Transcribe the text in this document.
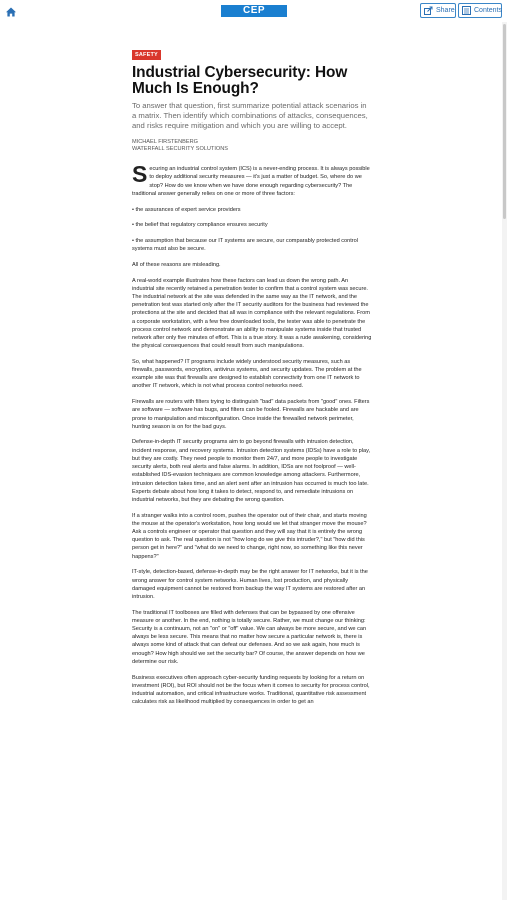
CEP	Share	Contents
SAFETY
Industrial Cybersecurity: How Much Is Enough?

To answer that question, first summarize potential attack scenarios in a matrix. Then identify which combinations of attacks, consequences, and risks require mitigation and which you are willing to accept.

MICHAEL FIRSTENBERG
WATERFALL SECURITY SOLUTIONS

Securing an industrial control system (ICS) is a never-ending process. It is always possible to deploy additional security measures — it's just a matter of budget. So, where do we stop? How do we know when we have done enough regarding cybersecurity? The traditional answer generally relies on one or more of three factors:

• the assurances of expert service providers

• the belief that regulatory compliance ensures security

• the assumption that because our IT systems are secure, our comparably protected control systems must also be secure.

All of these reasons are misleading.

A real-world example illustrates how these factors can lead us down the wrong path. An industrial site recently retained a penetration tester to confirm that a control system was secure. The industrial network at the site was defended in the same way as the IT network, and the penetration test was started only after the IT security auditors for the business had reviewed the protections at the site and decided that all was in compliance with the relevant regulations. From a corporate workstation, with a few free downloaded tools, the tester was able to penetrate the process control network and demonstrate an ability to manipulate systems inside that trusted network after only five minutes of effort. This is a true story. It was a rude awakening, considering the physical consequences that could result from such manipulations.

So, what happened? IT programs include widely understood security measures, such as firewalls, passwords, encryption, antivirus systems, and security updates. The problem at the example site was that firewalls are designed to establish connectivity from one IT network to another IT network, which is not what process control networks need.

Firewalls are routers with filters trying to distinguish "bad" data packets from "good" ones. Filters are software — software has bugs, and filters can be fooled. Firewalls are hackable and are prone to manipulation and misconfiguration. Once inside the firewalled network perimeter, hunting season is on for the bad guys.

Defense-in-depth IT security programs aim to go beyond firewalls with intrusion detection, incident response, and recovery systems. Intrusion detection systems (IDSs) have a role to play, but they are costly. They need people to monitor them 24/7, and more people to investigate security alerts, both real alerts and false alarms. In addition, IDSs are not foolproof — well-established IDS-evasion techniques are common knowledge among attackers. Furthermore, intrusion detection takes time, and an alert sent after an intrusion has occurred is much too late. Experts debate about how long it takes to detect, respond to, and remediate intrusions on industrial networks, but they are debating the wrong question.

If a stranger walks into a control room, pushes the operator out of their chair, and starts moving the mouse at the operator's workstation, how long would we let that stranger move the mouse? Ask a controls engineer or operator that question and they will say that it is entirely the wrong question to ask. The real question is not "how long do we give this intruder?," but "how did this person get in here?" and "what do we need to change, right now, so something like this never happens?"

IT-style, detection-based, defense-in-depth may be the right answer for IT networks, but it is the wrong answer for control system networks. Human lives, lost production, and physically damaged equipment cannot be restored from backup the way IT systems are restored after an intrusion.

The traditional IT toolboxes are filled with defenses that can be bypassed by one offensive measure or another. In the end, nothing is totally secure. Rather, we must change our thinking: Security is a continuum, not an "on" or "off" value. We can always be more secure, and we can always be less secure. This means that no matter how secure a particular network is, there is always some kind of attack that can defeat our defenses. And so we ask again, how much is enough? How high should we set the security bar? Of course, the answer depends on how we determine our risk.

Business executives often approach cyber-security funding requests by looking for a return on investment (ROI), but ROI should not be the focus when it comes to security for process control, industrial automation, and critical infrastructure works. Traditional, quantitative risk assessment calculates risk as likelihood multiplied by consequences in order to get an
